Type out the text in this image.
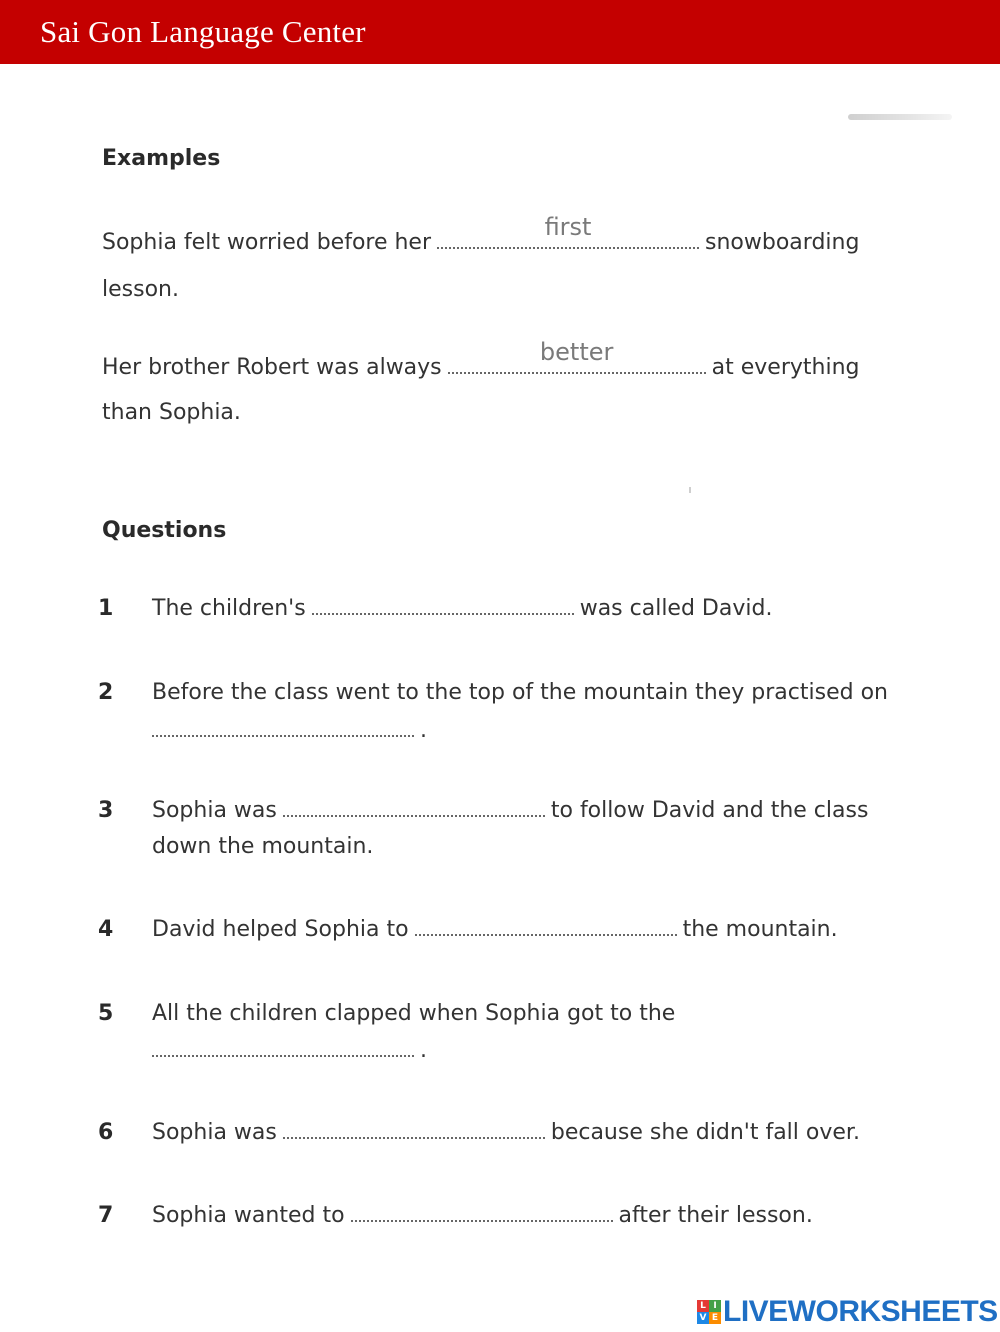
Sai Gon Language Center
Examples
Sophia felt worried before her
first
snowboarding
lesson.
Her brother Robert was always
better
at everything
than Sophia.
Questions
1 The children's	was called David.
2 Before the class went to the top of the mountain they practised on
.
3 Sophia was	to follow David and the class
down the mountain.
4 David helped Sophia to	the mountain.
5 All the children clapped when Sophia got to the
.
6 Sophia was	because she didn't fall over.
7 Sophia wanted to	after their lesson.
L I
V E LIVEWORKSHEETS
